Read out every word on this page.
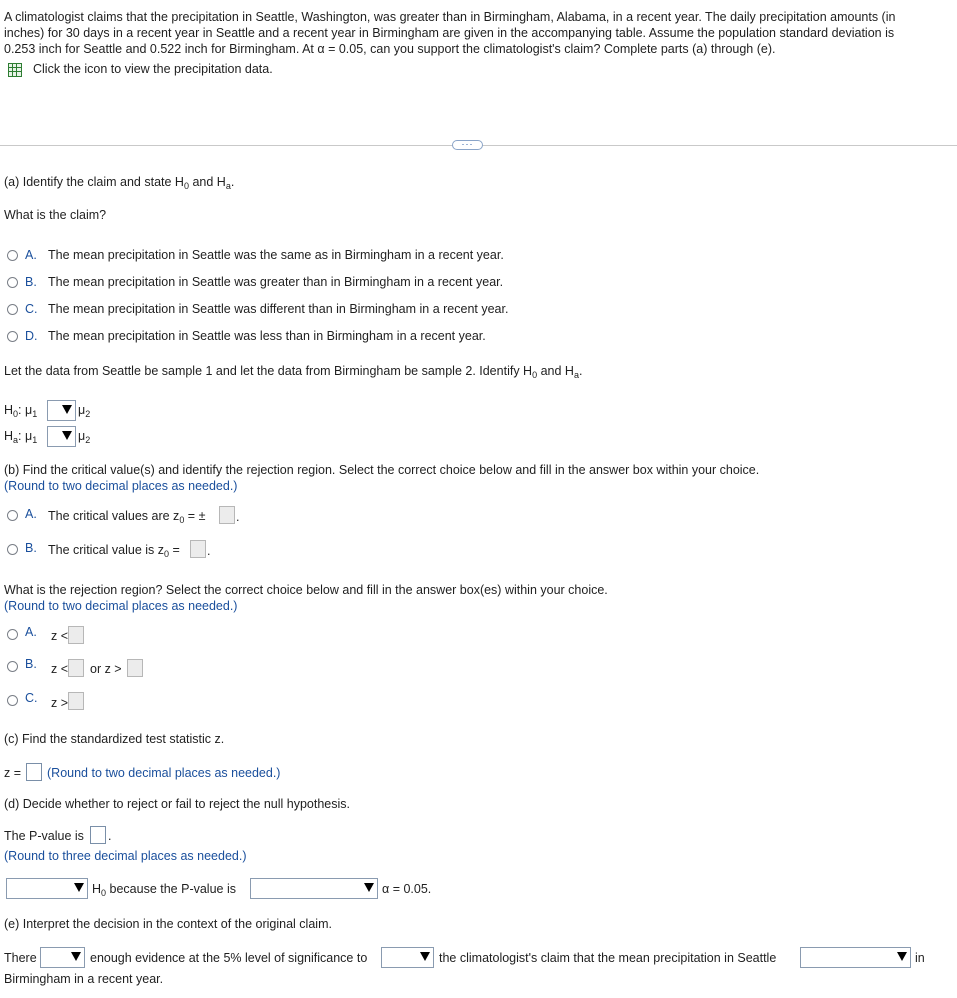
A climatologist claims that the precipitation in Seattle, Washington, was greater than in Birmingham, Alabama, in a recent year. The daily precipitation amounts (in
inches) for 30 days in a recent year in Seattle and a recent year in Birmingham are given in the accompanying table. Assume the population standard deviation is
0.253 inch for Seattle and 0.522 inch for Birmingham. At α = 0.05, can you support the climatologist's claim? Complete parts (a) through (e).
Click the icon to view the precipitation data.
···
(a) Identify the claim and state $H_0$ and $H_a$.
What is the claim?
A. The mean precipitation in Seattle was the same as in Birmingham in a recent year.
B. The mean precipitation in Seattle was greater than in Birmingham in a recent year.
C. The mean precipitation in Seattle was different than in Birmingham in a recent year.
D. The mean precipitation in Seattle was less than in Birmingham in a recent year.
Let the data from Seattle be sample 1 and let the data from Birmingham be sample 2. Identify $H_0$ and $H_a$.
$H_0$: $\mu_1$	$\mu_2$
$H_a$: $\mu_1$	$\mu_2$
(b) Find the critical value(s) and identify the rejection region. Select the correct choice below and fill in the answer box within your choice.
(Round to two decimal places as needed.)
A. The critical values are $z_0$ = ± .
B. The critical value is $z_0$ = .
What is the rejection region? Select the correct choice below and fill in the answer box(es) within your choice.
(Round to two decimal places as needed.)
A. z <
B. z < or z >
C. z >
(c) Find the standardized test statistic z.
z = (Round to two decimal places as needed.)
(d) Decide whether to reject or fail to reject the null hypothesis.
The P-value is .
(Round to three decimal places as needed.)
$H_0$ because the P-value is	α = 0.05.
(e) Interpret the decision in the context of the original claim.
There	enough evidence at the 5% level of significance to	the climatologist's claim that the mean precipitation in Seattle	in
Birmingham in a recent year.
